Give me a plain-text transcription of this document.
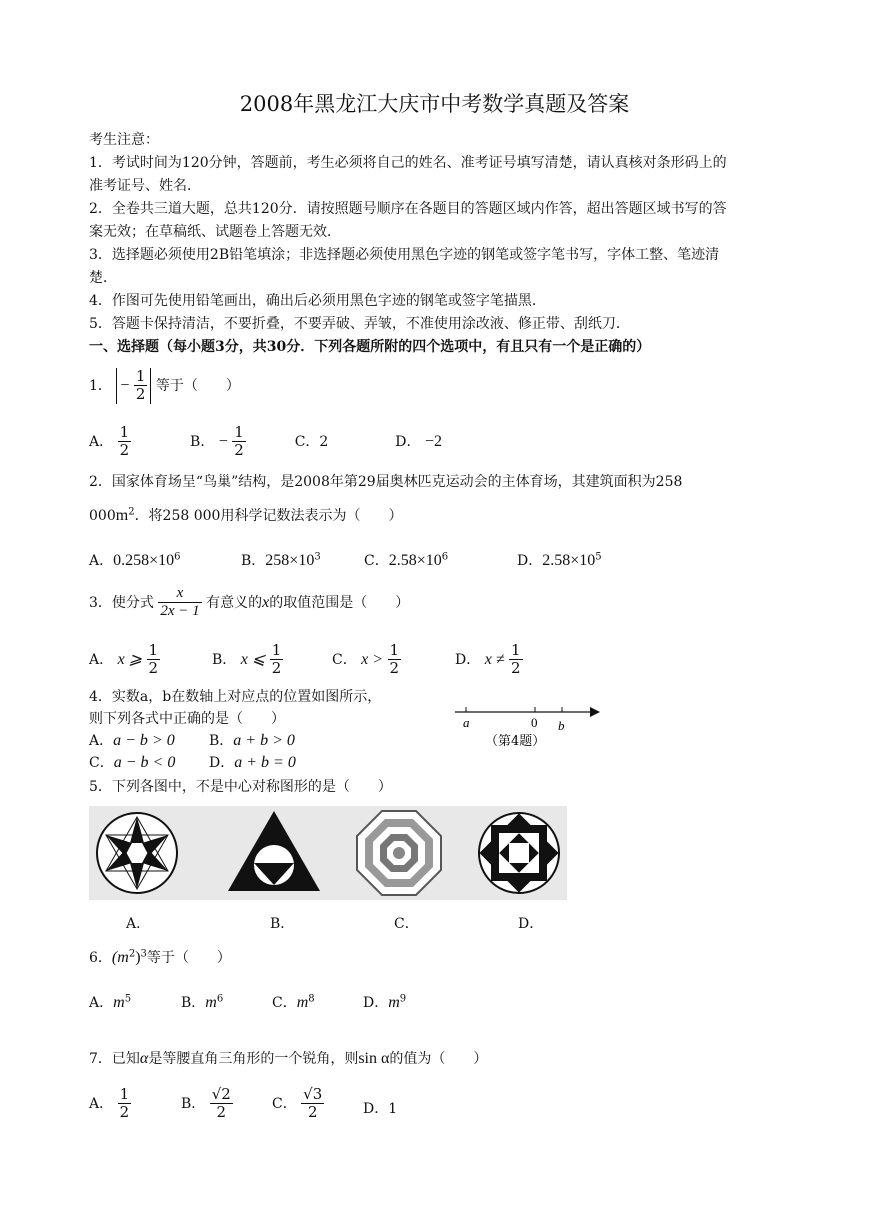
2008年黑龙江大庆市中考数学真题及答案
考生注意：
1．考试时间为120分钟，答题前，考生必须将自己的姓名、准考证号填写清楚，请认真核对条形码上的
准考证号、姓名．
2．全卷共三道大题，总共120分．请按照题号顺序在各题目的答题区域内作答，超出答题区域书写的答
案无效；在草稿纸、试题卷上答题无效．
3．选择题必须使用2B铅笔填涂；非选择题必须使用黑色字迹的钢笔或签字笔书写，字体工整、笔迹清
楚．
4．作图可先使用铅笔画出，确出后必须用黑色字迹的钢笔或签字笔描黑．
5．答题卡保持清洁，不要折叠，不要弄破、弄皱，不准使用涂改液、修正带、刮纸刀．
一、选择题（每小题3分，共30分．下列各题所附的四个选项中，有且只有一个是正确的）
1． − $\frac{1}{2}$ 等于（　　）
A． $\frac{1}{2}$	B． − $\frac{1}{2}$	C．2	D． −2
2．国家体育场呈“鸟巢”结构，是2008年第29届奥林匹克运动会的主体育场，其建筑面积为258
$000m^2$．将258 000用科学记数法表示为（　　）
A．$0.258\times 10^6$	B．$258\times 10^3$	C．$2.58\times 10^6$	D．$2.58\times 10^5$
3．使分式 $\frac{x}{2x - 1}$ 有意义的x的取值范围是（　　）
A． x ⩾ $\frac{1}{2}$	B． x ⩽ $\frac{1}{2}$	C． $x > \frac{1}{2}$	D． $x \ne \frac{1}{2}$
4．实数a，b在数轴上对应点的位置如图所示，
则下列各式中正确的是（　　）
A．a − b > 0 B．a + b > 0
C．a − b < 0 D．a + b = 0
a	0 b
（第4题）
5．下列各图中，不是中心对称图形的是（　　）
A．	B．	C．	D．
6．$(m^2)^3$等于（　　）
A．$m^5$	B．$m^6$	C．$m^8$	D．$m^9$
7．已知α是等腰直角三角形的一个锐角，则sin α的值为（　　）
A． $\frac{1}{2}$	B． $\frac{√2}{2}$	C． $\frac{√3}{2}$	D．1
